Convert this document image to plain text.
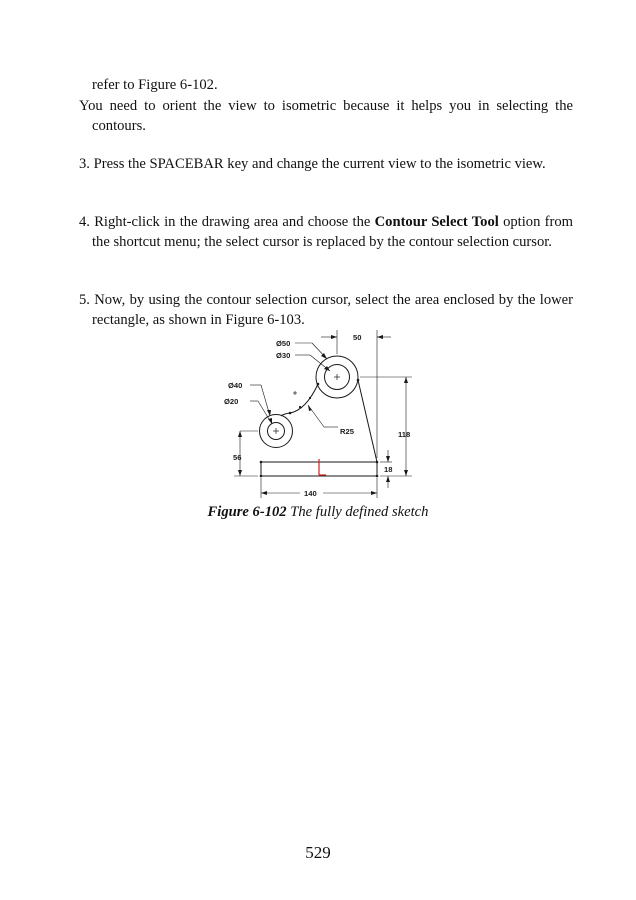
refer to Figure 6-102.
You need to orient the view to isometric because it helps you in selecting the contours.
3. Press the SPACEBAR key and change the current view to the isometric view.
4. Right-click in the drawing area and choose the Contour Select Tool option from the shortcut menu; the select cursor is replaced by the contour selection cursor.
5. Now, by using the contour selection cursor, select the area enclosed by the lower rectangle, as shown in Figure 6-103.
Ø50
Ø30
50
Ø40
Ø20
R25	118
56
18
140
Figure 6-102 The fully defined sketch
529
